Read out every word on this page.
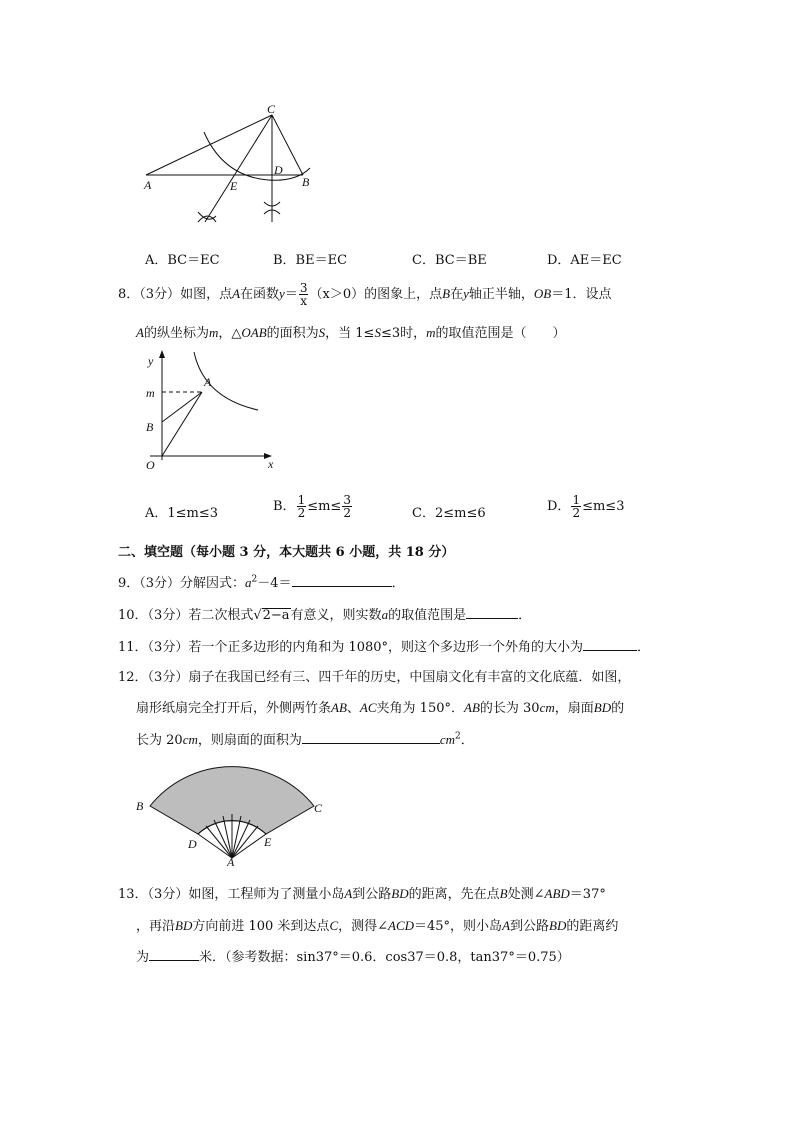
C
A	B
D
E
A．BC＝EC	B．BE＝EC	C．BC＝BE	D．AE＝EC
8．（3分）如图，点A在函数$y= \frac{3}{x} (x>0)$的图象上，点B在y轴正半轴，OB＝1．设点
A的纵坐标为m，△OAB的面积为S，当 1≤S≤3时，m的取值范围是（　　）
y
x
m
A
B
O
A．1≤m≤3	B． $\frac{1}{2} \le m\le \frac{3}{2}$	C．2≤m≤6	D． $\frac{1}{2} \le m\le 3$
二、填空题（每小题 3 分，本大题共 6 小题，共 18 分）
9．（3分）分解因式：$a^2-4=$	．
10．（3分）若二次根式√2−a有意义，则实数a的取值范围是	．
11．（3分）若一个正多边形的内角和为 1080°，则这个多边形一个外角的大小为	．
12．（3分）扇子在我国已经有三、四千年的历史，中国扇文化有丰富的文化底蕴．如图，
扇形纸扇完全打开后，外侧两竹条AB、AC夹角为 150°．AB的长为 30cm，扇面BD的
长为 20cm，则扇面的面积为	$cm^2$．
B	C
D	E
A
13．（3分）如图，工程师为了测量小岛A到公路BD的距离，先在点B处测∠ABD＝37°
，再沿BD方向前进 100 米到达点C，测得∠ACD＝45°，则小岛A到公路BD的距离约
为	米．（参考数据：sin37°＝0.6．cos37＝0.8，tan37°＝0.75）
